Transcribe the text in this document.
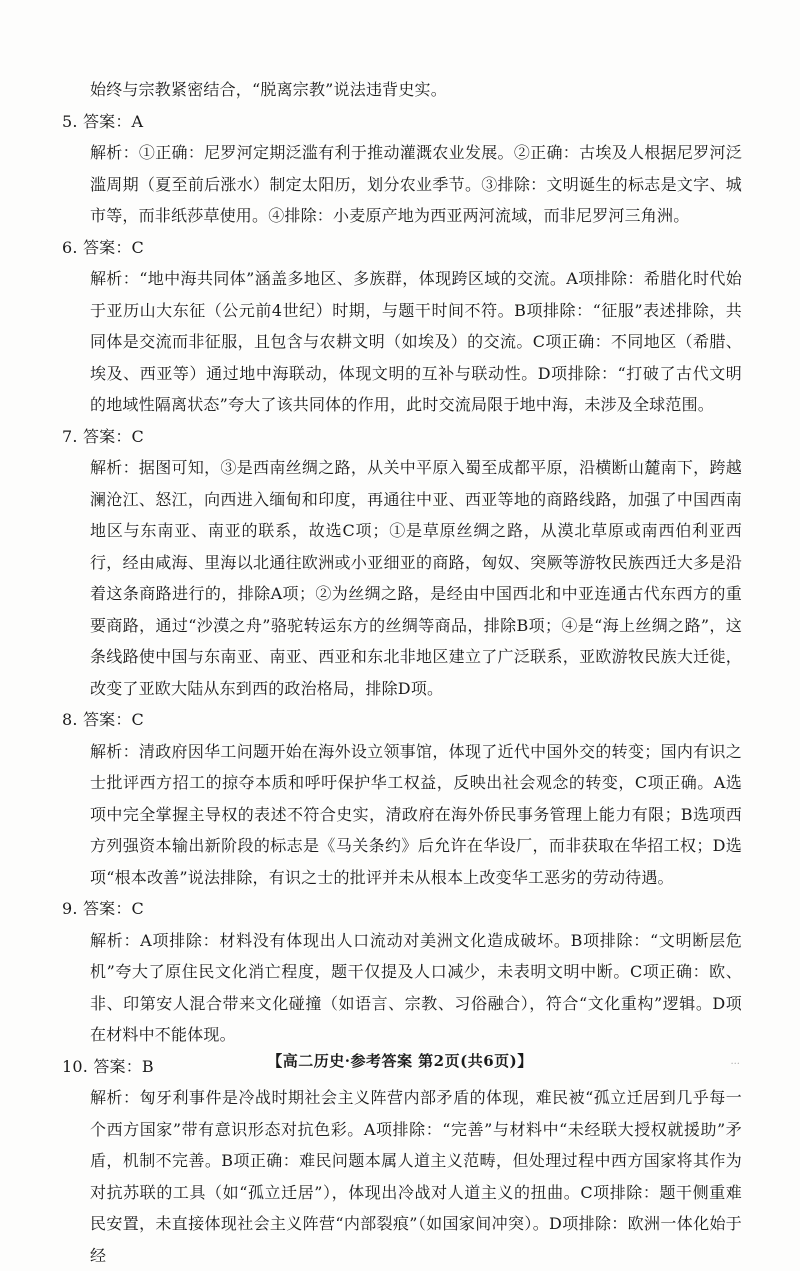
始终与宗教紧密结合，“脱离宗教”说法违背史实。

5. 答案：A

解析：①正确：尼罗河定期泛滥有利于推动灌溉农业发展。②正确：古埃及人根据尼罗河泛滥周期（夏至前后涨水）制定太阳历，划分农业季节。③排除：文明诞生的标志是文字、城市等，而非纸莎草使用。④排除：小麦原产地为西亚两河流域，而非尼罗河三角洲。

6. 答案：C

解析：“地中海共同体”涵盖多地区、多族群，体现跨区域的交流。A项排除：希腊化时代始于亚历山大东征（公元前4世纪）时期，与题干时间不符。B项排除：“征服”表述排除，共同体是交流而非征服，且包含与农耕文明（如埃及）的交流。C项正确：不同地区（希腊、埃及、西亚等）通过地中海联动，体现文明的互补与联动性。D项排除：“打破了古代文明的地域性隔离状态”夸大了该共同体的作用，此时交流局限于地中海，未涉及全球范围。

7. 答案：C

解析：据图可知，③是西南丝绸之路，从关中平原入蜀至成都平原，沿横断山麓南下，跨越澜沧江、怒江，向西进入缅甸和印度，再通往中亚、西亚等地的商路线路，加强了中国西南地区与东南亚、南亚的联系，故选C项；①是草原丝绸之路，从漠北草原或南西伯利亚西行，经由咸海、里海以北通往欧洲或小亚细亚的商路，匈奴、突厥等游牧民族西迁大多是沿着这条商路进行的，排除A项；②为丝绸之路，是经由中国西北和中亚连通古代东西方的重要商路，通过“沙漠之舟”骆驼转运东方的丝绸等商品，排除B项；④是“海上丝绸之路”，这条线路使中国与东南亚、南亚、西亚和东北非地区建立了广泛联系，亚欧游牧民族大迁徙，改变了亚欧大陆从东到西的政治格局，排除D项。

8. 答案：C

解析：清政府因华工问题开始在海外设立领事馆，体现了近代中国外交的转变；国内有识之士批评西方招工的掠夺本质和呼吁保护华工权益，反映出社会观念的转变，C项正确。A选项中完全掌握主导权的表述不符合史实，清政府在海外侨民事务管理上能力有限；B选项西方列强资本输出新阶段的标志是《马关条约》后允许在华设厂，而非获取在华招工权；D选项“根本改善”说法排除，有识之士的批评并未从根本上改变华工恶劣的劳动待遇。

9. 答案：C

解析：A项排除：材料没有体现出人口流动对美洲文化造成破坏。B项排除：“文明断层危机”夸大了原住民文化消亡程度，题干仅提及人口减少，未表明文明中断。C项正确：欧、非、印第安人混合带来文化碰撞（如语言、宗教、习俗融合），符合“文化重构”逻辑。D项在材料中不能体现。

10. 答案：B

解析：匈牙利事件是冷战时期社会主义阵营内部矛盾的体现，难民被“孤立迁居到几乎每一个西方国家”带有意识形态对抗色彩。A项排除：“完善”与材料中“未经联大授权就援助”矛盾，机制不完善。B项正确：难民问题本属人道主义范畴，但处理过程中西方国家将其作为对抗苏联的工具（如“孤立迁居”），体现出冷战对人道主义的扭曲。C项排除：题干侧重难民安置，未直接体现社会主义阵营“内部裂痕”（如国家间冲突）。D项排除：欧洲一体化始于经

【高二历史·参考答案 第2页(共6页)】	...
